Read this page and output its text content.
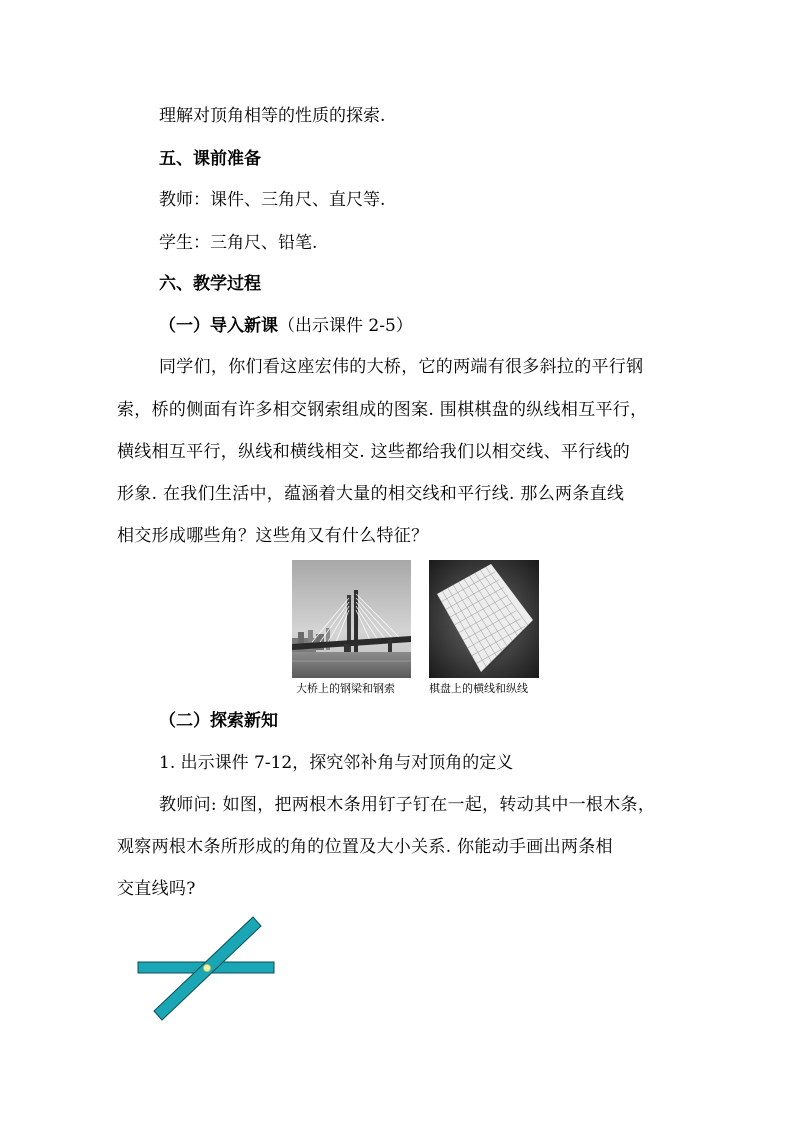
理解对顶角相等的性质的探索.
五、课前准备
教师：课件、三角尺、直尺等.
学生：三角尺、铅笔.
六、教学过程
（一）导入新课（出示课件 2-5）
同学们，你们看这座宏伟的大桥，它的两端有很多斜拉的平行钢
索，桥的侧面有许多相交钢索组成的图案. 围棋棋盘的纵线相互平行，
横线相互平行，纵线和横线相交. 这些都给我们以相交线、平行线的
形象. 在我们生活中，蕴涵着大量的相交线和平行线. 那么两条直线
相交形成哪些角？这些角又有什么特征？
大桥上的钢梁和钢索	棋盘上的横线和纵线
（二）探索新知
1. 出示课件 7-12，探究邻补角与对顶角的定义
教师问: 如图，把两根木条用钉子钉在一起，转动其中一根木条，
观察两根木条所形成的角的位置及大小关系. 你能动手画出两条相
交直线吗?
